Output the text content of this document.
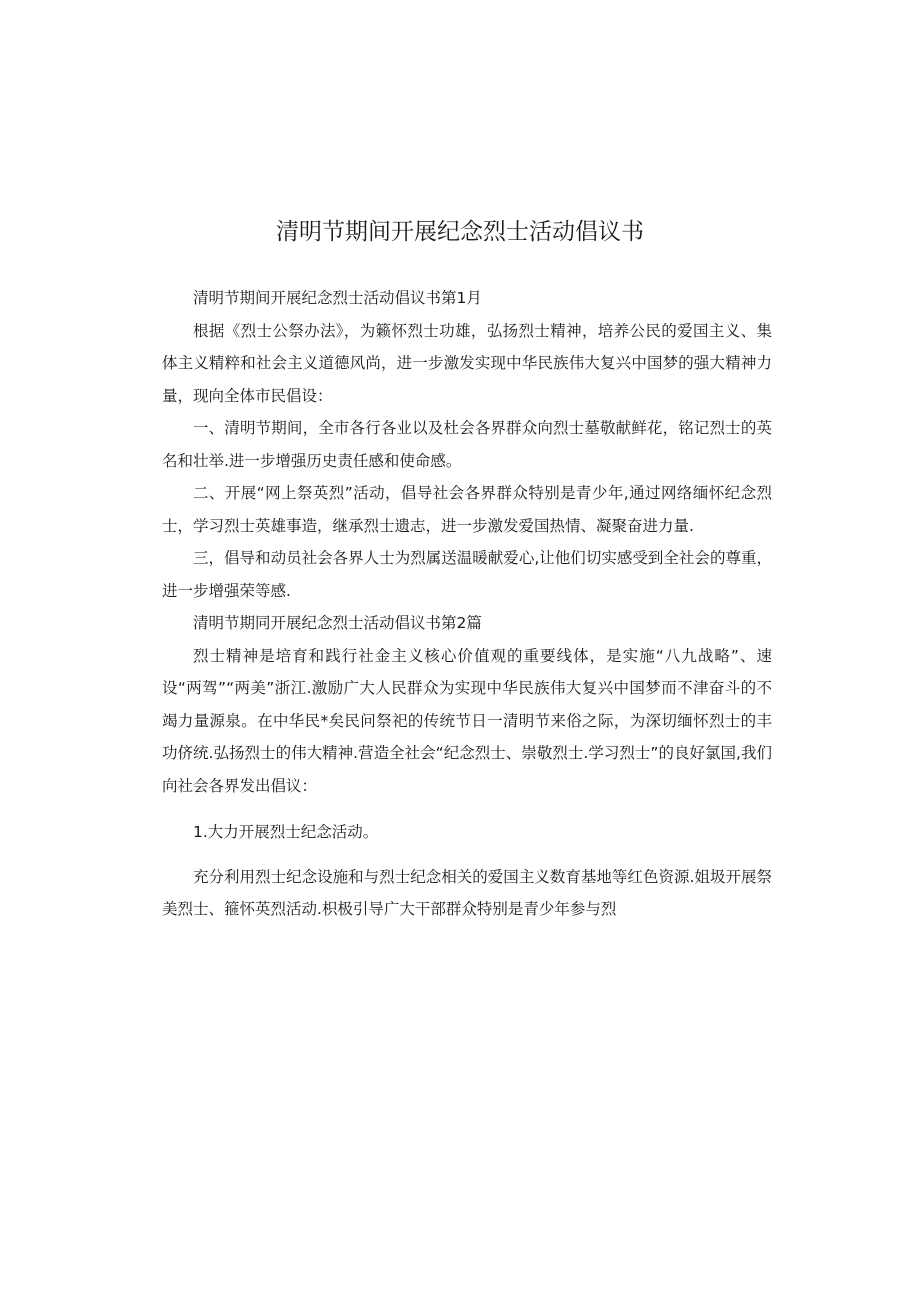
清明节期间开展纪念烈士活动倡议书

清明节期间开展纪念烈士活动倡议书第1月

根据《烈士公祭办法》，为籁怀烈士功雄，弘扬烈士精神，培养公民的爱国主义、集体主义精粹和社会主义道德风尚，进一步激发实现中华民族伟大复兴中国梦的强大精神力量，现向全体市民倡设：

一、清明节期间，全市各行各业以及杜会各界群众向烈士墓敬献鲜花，铭记烈士的英名和壮举.进一步增强历史责任感和使命感。

二、开展“网上祭英烈”活动，倡导社会各界群众特别是青少年,通过网络缅怀纪念烈士，学习烈士英雄事造，继承烈士遗志，进一步激发爱国热情、凝聚奋进力量.

三，倡导和动员社会各界人士为烈属送温暖献爱心,让他们切实感受到全社会的尊重，进一步增强荣等感.

清明节期同开展纪念烈士活动倡议书第2篇

烈士精神是培育和践行社金主义核心价值观的重要线体，是实施“八九战略”、速设“两驾”“两美”浙江.激励广大人民群众为实现中华民族伟大复兴中国梦而不津奋斗的不竭力量源泉。在中华民*矣民问祭祀的传统节日一清明节来俗之际，为深切缅怀烈士的丰功侪统.弘扬烈士的伟大精神.营造全社会“纪念烈士、崇敬烈士.学习烈士”的良好氯国,我们向社会各界发出倡议：

1.大力开展烈士纪念活动。

充分利用烈士纪念设施和与烈士纪念相关的爱国主义数育基地等红色资源.姐圾开展祭美烈士、箍怀英烈活动.枳极引导广大干部群众特别是青少年参与烈
